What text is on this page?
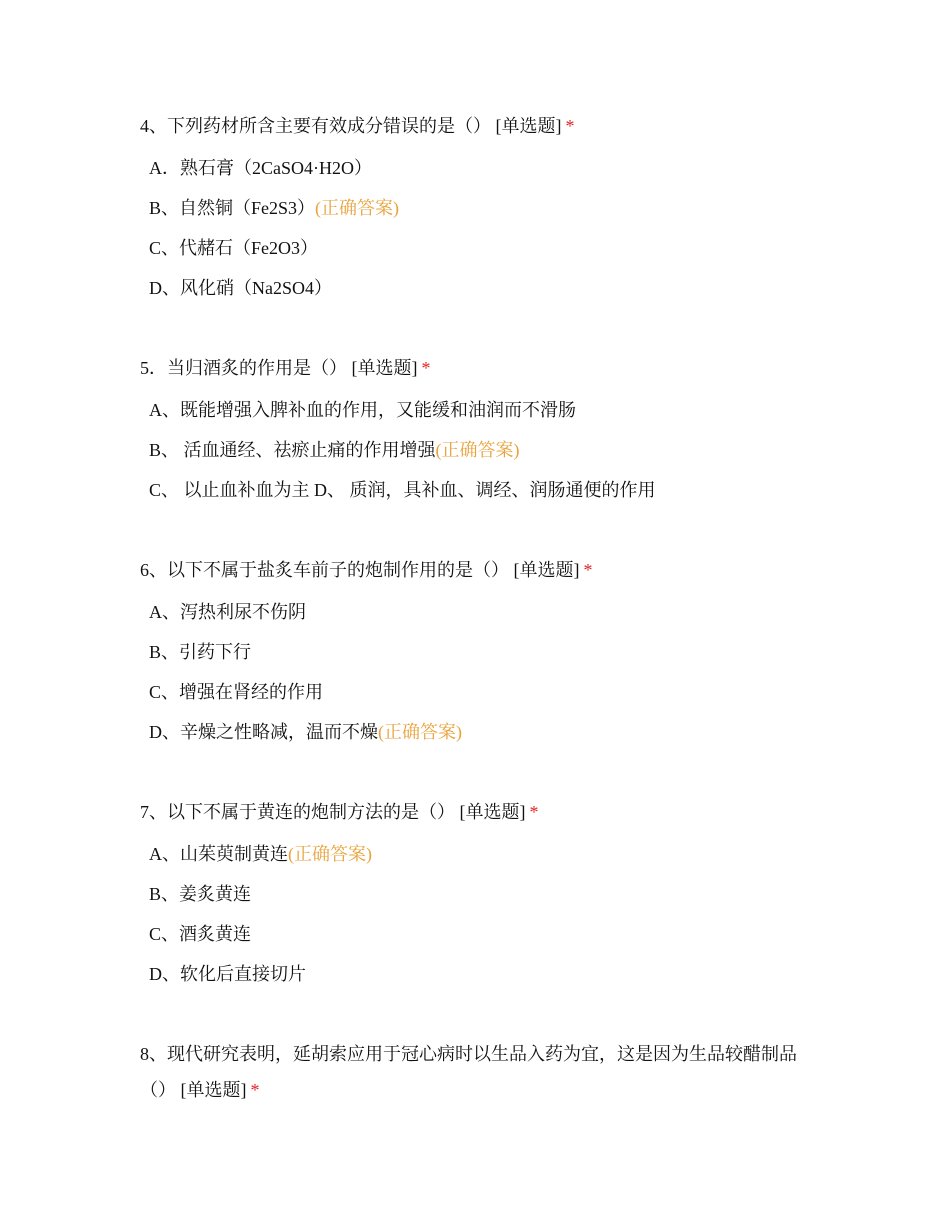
4、下列药材所含主要有效成分错误的是（） [单选题] *

A．熟石膏（2CaSO4·H2O）
B、自然铜（Fe2S3）(正确答案)
C、代赭石（Fe2O3）
D、风化硝（Na2SO4）

5．当归酒炙的作用是（） [单选题] *

A、既能增强入脾补血的作用，又能缓和油润而不滑肠
B、 活血通经、祛瘀止痛的作用增强(正确答案)
C、 以止血补血为主 D、 质润，具补血、调经、润肠通便的作用

6、以下不属于盐炙车前子的炮制作用的是（） [单选题] *

A、泻热利尿不伤阴
B、引药下行
C、增强在肾经的作用
D、辛燥之性略减，温而不燥(正确答案)

7、以下不属于黄连的炮制方法的是（） [单选题] *

A、山茱萸制黄连(正确答案)
B、姜炙黄连
C、酒炙黄连
D、软化后直接切片

8、现代研究表明，延胡索应用于冠心病时以生品入药为宜，这是因为生品较醋制品（） [单选题] *
